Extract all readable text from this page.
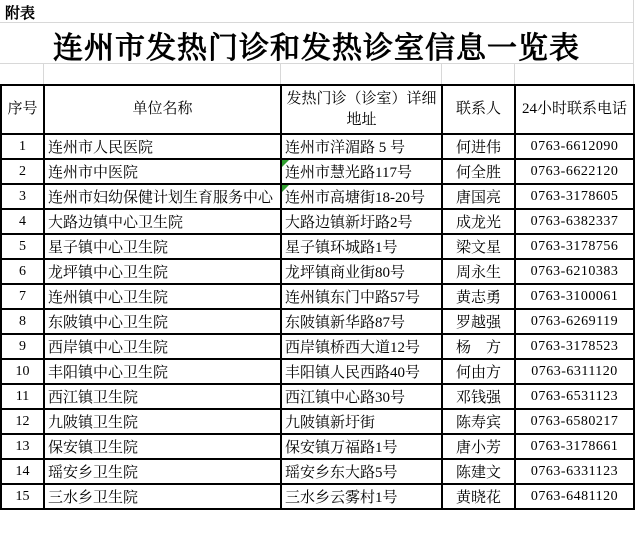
附表
连州市发热门诊和发热诊室信息一览表
序号	单位名称	发热门诊（诊室）详细地址	联系人	24小时联系电话
1	连州市人民医院	连州市洋湄路 5 号	何进伟	0763-6612090
2	连州市中医院	连州市慧光路117号	何全胜	0763-6622120
3	连州市妇幼保健计划生育服务中心	连州市高塘街18-20号	唐国亮	0763-3178605
4	大路边镇中心卫生院	大路边镇新圩路2号	成龙光	0763-6382337
5	星子镇中心卫生院	星子镇环城路1号	梁文星	0763-3178756
6	龙坪镇中心卫生院	龙坪镇商业街80号	周永生	0763-6210383
7	连州镇中心卫生院	连州镇东门中路57号	黄志勇	0763-3100061
8	东陂镇中心卫生院	东陂镇新华路87号	罗越强	0763-6269119
9	西岸镇中心卫生院	西岸镇桥西大道12号	杨　方	0763-3178523
10	丰阳镇中心卫生院	丰阳镇人民西路40号	何由方	0763-6311120
11	西江镇卫生院	西江镇中心路30号	邓钱强	0763-6531123
12	九陂镇卫生院	九陂镇新圩街	陈寿宾	0763-6580217
13	保安镇卫生院	保安镇万福路1号	唐小芳	0763-3178661
14	瑶安乡卫生院	瑶安乡东大路5号	陈建文	0763-6331123
15	三水乡卫生院	三水乡云雾村1号	黄晓花	0763-6481120
